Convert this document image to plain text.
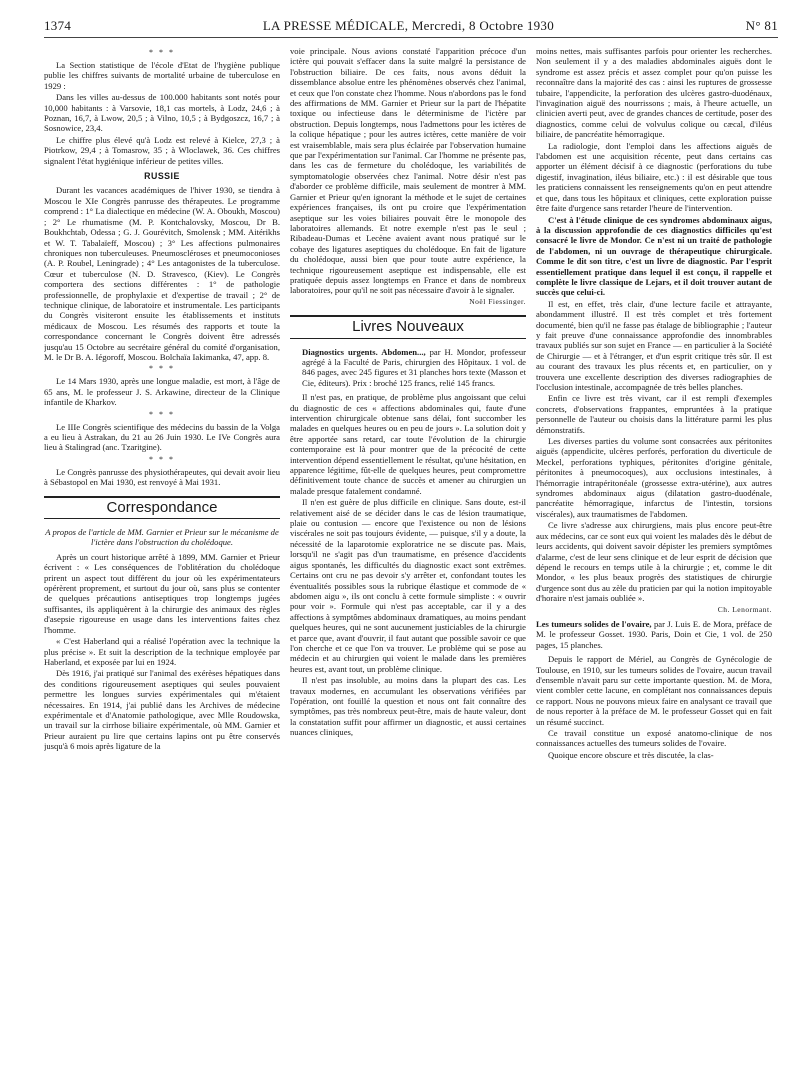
1374	LA PRESSE MÉDICALE, Mercredi, 8 Octobre 1930	N° 81
* * *

La Section statistique de l'école d'Etat de l'hygiène publique publie les chiffres suivants de mortalité urbaine de tuberculose en 1929 :

Dans les villes au-dessus de 100.000 habitants sont notés pour 10,000 habitants : à Varsovie, 18,1 cas mortels, à Lodz, 24,6 ; à Poznan, 16,7, à Lwow, 20,5 ; à Vilno, 10,5 ; à Bydgoszcz, 16,7 ; à Sosnowice, 23,4.

Le chiffre plus élevé qu'à Lodz est relevé à Kielce, 27,3 ; à Piotrkow, 29,4 ; à Tomasrow, 35 ; à Wloclawek, 36. Ces chiffres signalent l'état hygiénique inférieur de petites villes.

RUSSIE

Durant les vacances académiques de l'hiver 1930, se tiendra à Moscou le XIe Congrès panrusse des thérapeutes. Le programme comprend : 1° La dialectique en médecine (W. A. Oboukh, Moscou) ; 2° Le rhumatisme (M. P. Kontchalovsky, Moscou, Dr B. Boukhchtab, Odessa ; G. J. Gourévitch, Smolensk ; MM. Aitérikhs et W. T. Tabalaïeff, Moscou) ; 3° Les affections pulmonaires chroniques non tuberculeuses. Pneumoscléroses et pneumoconioses (A. P. Roubel, Leningrade) ; 4° Les antagonistes de la tuberculose. Cœur et tuberculose (N. D. Stravesco, (Kiev). Le Congrès comportera des sections différentes : 1° de pathologie professionnelle, de prophylaxie et d'expertise de travail ; 2° de technique clinique, de laboratoire et instrumentale. Les participants du Congrès visiteront ensuite les établissements et instituts médicaux de Moscou. Les résumés des rapports et toute la correspondance concernant le Congrès doivent être adressés jusqu'au 15 Octobre au secrétaire général du comité d'organisation, M. le Dr B. A. Iégoroff, Moscou. Bolchaïa Iakimanka, 47, app. 8.

* * *

Le 14 Mars 1930, après une longue maladie, est mort, à l'âge de 65 ans, M. le professeur J. S. Arkawine, directeur de la Clinique infantile de Kharkov.

* * *

Le IIIe Congrès scientifique des médecins du bassin de la Volga a eu lieu à Astrakan, du 21 au 26 Juin 1930. Le IVe Congrès aura lieu à Stalingrad (anc. Tzaritgine).

* * *

Le Congrès panrusse des physiothérapeutes, qui devait avoir lieu à Sébastopol en Mai 1930, est renvoyé à Mai 1931.

Correspondance

A propos de l'article de MM. Garnier et Prieur sur le mécanisme de l'ictère dans l'obstruction du cholédoque.

Après un court historique arrêté à 1899, MM. Garnier et Prieur écrivent : « Les conséquences de l'oblitération du cholédoque prirent un aspect tout différent du jour où les expérimentateurs opérèrent proprement, et surtout du jour où, sans plus se contenter de quelques précautions antiseptiques trop longtemps jugées suffisantes, ils appliquèrent à la chirurgie des animaux des règles d'asepsie rigoureuse en usage dans les interventions faites chez l'homme.

« C'est Haberland qui a réalisé l'opération avec la technique la plus précise ». Et suit la description de la technique employée par Haberland, et exposée par lui en 1924.

Dès 1916, j'ai pratiqué sur l'animal des exérèses hépatiques dans des conditions rigoureusement aseptiques qui seules pouvaient permettre les longues survies expérimentales qui m'étaient nécessaires. En 1914, j'ai publié dans les Archives de médecine expérimentale et d'Anatomie pathologique, avec Mlle Roudowska, un travail sur la cirrhose biliaire expérimentale, où MM. Garnier et Prieur auraient pu lire que certains lapins ont pu être conservés jusqu'à 6 mois après ligature de la

voie principale. Nous avions constaté l'apparition précoce d'un ictère qui pouvait s'effacer dans la suite malgré la persistance de l'obstruction biliaire. De ces faits, nous avons déduit la dissemblance absolue entre les phénomènes observés chez l'animal, et ceux que l'on constate chez l'homme. Nous n'abordons pas le fond des affirmations de MM. Garnier et Prieur sur la part de l'hépatite toxique ou infectieuse dans le déterminisme de l'ictère par obstruction. Depuis longtemps, nous l'admettons pour les ictères de la colique hépatique ; pour les autres ictères, cette manière de voir est vraisemblable, mais sera plus éclairée par l'observation humaine que par l'expérimentation sur l'animal. Car l'homme ne présente pas, dans les cas de fermeture du cholédoque, les variabilités de symptomatologie observées chez l'animal. Notre désir n'est pas d'aborder ce problème difficile, mais seulement de montrer à MM. Garnier et Prieur qu'en ignorant la méthode et le sujet de certaines expériences françaises, ils ont pu croire que l'expérimentation aseptique sur les voies biliaires pouvait être le monopole des laboratoires allemands. Et notre exemple n'est pas le seul ; Ribadeau-Dumas et Lecène avaient avant nous pratiqué sur le cobaye des ligatures aseptiques du cholédoque. En fait de ligature du cholédoque, aussi bien que pour toute autre expérience, la technique rigoureusement aseptique est indispensable, elle est pratiquée depuis assez longtemps en France et dans de nombreux laboratoires, pour qu'il ne soit pas nécessaire d'avoir à le signaler.

Noël Fiessinger.

Livres Nouveaux

Diagnostics urgents. Abdomen..., par H. Mondor, professeur agrégé à la Faculté de Paris, chirurgien des Hôpitaux. 1 vol. de 846 pages, avec 245 figures et 31 planches hors texte (Masson et Cie, éditeurs). Prix : broché 125 francs, relié 145 francs.

Il n'est pas, en pratique, de problème plus angoissant que celui du diagnostic de ces « affections abdominales qui, faute d'une intervention chirurgicale obtenue sans délai, font succomber les malades en quelques heures ou en peu de jours ». La solution doit y être apportée sans retard, car toute l'évolution de la chirurgie contemporaine est là pour montrer que de la précocité de cette intervention dépend essentiellement le résultat, qu'une hésitation, en apparence légitime, fût-elle de quelques heures, peut compromettre définitivement toute chance de succès et amener au chirurgien un malade presque fatalement condamné.

Il n'en est guère de plus difficile en clinique. Sans doute, est-il relativement aisé de se décider dans le cas de lésion traumatique, plaie ou contusion — encore que l'existence ou non de lésions viscérales ne soit pas toujours évidente, — puisque, s'il y a doute, la nécessité de la laparotomie exploratrice ne se discute pas. Mais, lorsqu'il ne s'agit pas d'un traumatisme, en présence d'accidents aigus spontanés, les difficultés du diagnostic exact sont extrêmes. Certains ont cru ne pas devoir s'y arrêter et, confondant toutes les éventualités possibles sous la rubrique élastique et commode de « abdomen aigu », ils ont conclu à cette formule simpliste : « ouvrir pour voir ». Formule qui n'est pas acceptable, car il y a des affections à symptômes abdominaux dramatiques, au moins pendant quelques heures, qui ne sont aucunement justiciables de la chirurgie et parce que, avant d'ouvrir, il faut autant que possible savoir ce que l'on cherche et ce que l'on va trouver. Le problème qui se pose au médecin et au chirurgien qui voient le malade dans les premières heures est, avant tout, un problème clinique.

Il n'est pas insoluble, au moins dans la plupart des cas. Les travaux modernes, en accumulant les observations vérifiées par l'opération, ont fouillé la question et nous ont fait connaître des symptômes, pas très nombreux peut-être, mais de haute valeur, dont la constatation suffit pour affirmer un diagnostic, et aussi certaines nuances cliniques,

moins nettes, mais suffisantes parfois pour orienter les recherches. Non seulement il y a des maladies abdominales aiguës dont le syndrome est assez précis et assez complet pour qu'on puisse les reconnaître dans la majorité des cas : ainsi les ruptures de grossesse tubaire, l'appendicite, la perforation des ulcères gastro-duodénaux, l'invagination aiguë des nourrissons ; mais, à l'heure actuelle, un clinicien averti peut, avec de grandes chances de certitude, poser des diagnostics, comme celui de volvulus colique ou cæcal, d'iléus biliaire, de pancréatite hémorragique.

La radiologie, dont l'emploi dans les affections aiguës de l'abdomen est une acquisition récente, peut dans certains cas apporter un élément décisif à ce diagnostic (perforations du tube digestif, invagination, iléus biliaire, etc.) : il est désirable que tous les praticiens connaissent les renseignements qu'on en peut attendre et que, dans tous les hôpitaux et cliniques, cette exploration puisse être faite d'urgence sans retarder l'heure de l'intervention.

C'est à l'étude clinique de ces syndromes abdominaux aigus, à la discussion approfondie de ces diagnostics difficiles qu'est consacré le livre de Mondor. Ce n'est ni un traité de pathologie de l'abdomen, ni un ouvrage de thérapeutique chirurgicale. Comme le dit son titre, c'est un livre de diagnostic. Par l'esprit essentiellement pratique dans lequel il est conçu, il rappelle et complète le livre classique de Lejars, et il doit trouver autant de succès que celui-ci.

Il est, en effet, très clair, d'une lecture facile et attrayante, abondamment illustré. Il est très complet et très fortement documenté, bien qu'il ne fasse pas étalage de bibliographie ; l'auteur y fait preuve d'une connaissance approfondie des innombrables travaux publiés sur son sujet en France — en particulier à la Société de Chirurgie — et à l'étranger, et d'un esprit critique très sûr. Il est au courant des travaux les plus récents et, en particulier, on y trouvera une excellente description des diverses radiographies de l'occlusion intestinale, accompagnée de très belles planches.

Enfin ce livre est très vivant, car il est rempli d'exemples concrets, d'observations frappantes, empruntées à la pratique personnelle de l'auteur ou choisis dans la littérature parmi les plus démonstratifs.

Les diverses parties du volume sont consacrées aux péritonites aiguës (appendicite, ulcères perforés, perforation du diverticule de Meckel, perforations typhiques, péritonites d'origine génitale, péritonites à pneumocoques), aux occlusions intestinales, à l'hémorragie intrapéritonéale (grossesse extra-utérine), aux autres syndromes abdominaux aigus (dilatation gastro-duodénale, pancréatite hémorragique, infarctus de l'intestin, torsions viscérales), aux traumatismes de l'abdomen.

Ce livre s'adresse aux chirurgiens, mais plus encore peut-être aux médecins, car ce sont eux qui voient les malades dès le début de leurs accidents, qui doivent savoir dépister les premiers symptômes d'alarme, c'est de leur sens clinique et de leur esprit de décision que dépend le recours en temps utile à la chirurgie ; et, comme le dit Mondor, « les plus beaux progrès des statistiques de chirurgie d'urgence sont dus au zèle du praticien par qui la notion impitoyable d'horaire n'est jamais oubliée ».

Ch. Lenormant.

Les tumeurs solides de l'ovaire, par J. Luis E. de Mora, préface de M. le professeur Gosset. 1930. Paris, Doin et Cie, 1 vol. de 250 pages, 15 planches.

Depuis le rapport de Mériel, au Congrès de Gynécologie de Toulouse, en 1910, sur les tumeurs solides de l'ovaire, aucun travail d'ensemble n'avait paru sur cette importante question. M. de Mora, vient combler cette lacune, en complétant nos connaissances depuis ce rapport. Nous ne pouvons mieux faire en analysant ce travail que de nous reporter à la préface de M. le professeur Gosset qui en fait un résumé succinct.

Ce travail constitue un exposé anatomo-clinique de nos connaissances actuelles des tumeurs solides de l'ovaire.

Quoique encore obscure et très discutée, la clas-
